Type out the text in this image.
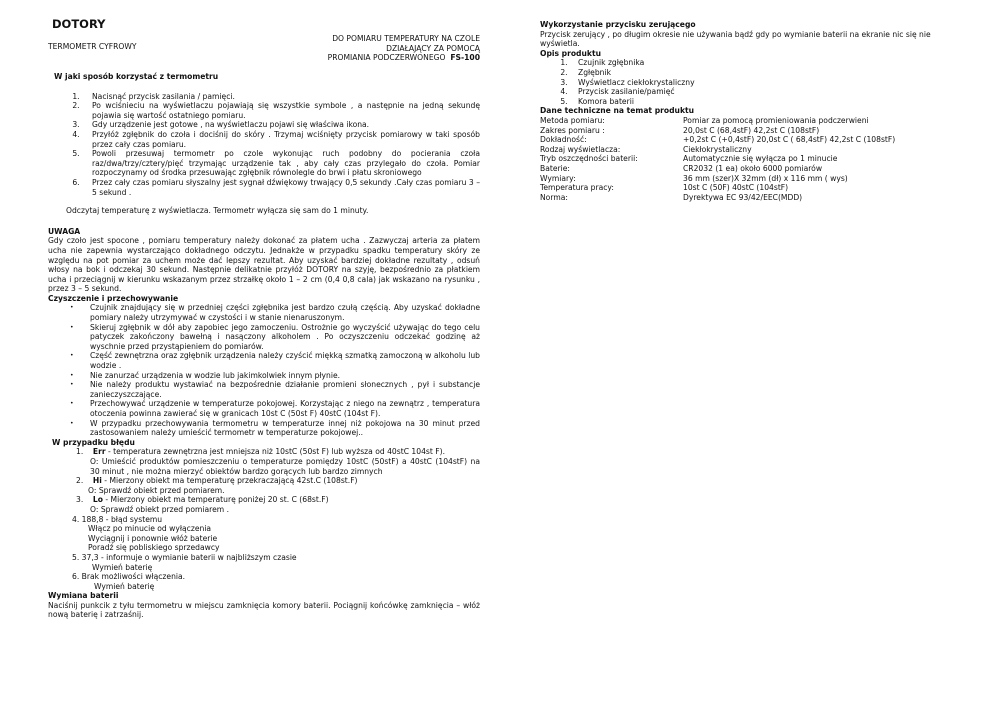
DOTORY
TERMOMETR CYFROWY
DO POMIARU TEMPERATURY NA CZOLE
DZIAŁAJĄCY ZA POMOCĄ
PROMIANIA PODCZERWONEGO FS-100
W jaki sposób korzystać z termometru
1. Nacisnąć przycisk zasilania / pamięci.
2. Po wciśnieciu na wyświetlaczu pojawiają się wszystkie symbole , a następnie na jedną sekundę pojawia się wartość ostatniego pomiaru.
3. Gdy urządzenie jest gotowe , na wyświetlaczu pojawi się właściwa ikona.
4. Przyłóż zgłębnik do czoła i dociśnij do skóry . Trzymaj wciśnięty przycisk pomiarowy w taki sposób przez cały czas pomiaru.
5. Powoli przesuwaj termometr po czole wykonując ruch podobny do pocierania czoła raz/dwa/trzy/cztery/pięć trzymając urządzenie tak , aby cały czas przylegało do czoła. Pomiar rozpoczynamy od środka przesuwając zgłębnik równolegle do brwi i płatu skroniowego
6. Przez cały czas pomiaru słyszalny jest sygnał dźwiękowy trwający 0,5 sekundy .Cały czas pomiaru 3 – 5 sekund .
Odczytaj temperaturę z wyświetlacza. Termometr wyłącza się sam do 1 minuty.
UWAGA
Gdy czoło jest spocone , pomiaru temperatury należy dokonać za płatem ucha . Zazwyczaj arteria za płatem ucha nie zapewnia wystarczająco dokładnego odczytu. Jednakże w przypadku spadku temperatury skóry ze względu na pot pomiar za uchem może dać lepszy rezultat. Aby uzyskać bardziej dokładne rezultaty , odsuń włosy na bok i odczekaj 30 sekund. Następnie delikatnie przyłóż DOTORY na szyję, bezpośrednio za płatkiem ucha i przeciągnij w kierunku wskazanym przez strzałkę około 1 – 2 cm (0,4 0,8 cala) jak wskazano na rysunku , przez 3 – 5 sekund.
Czyszczenie i przechowywanie
• Czujnik znajdujący się w przedniej części zgłębnika jest bardzo czułą częścią. Aby uzyskać dokładne pomiary należy utrzymywać w czystości i w stanie nienaruszonym.
• Skieruj zgłębnik w dół aby zapobiec jego zamoczeniu. Ostrożnie go wyczyścić używając do tego celu patyczek zakończony bawełną i nasączony alkoholem . Po oczyszczeniu odczekać godzinę aż wyschnie przed przystąpieniem do pomiarów.
• Część zewnętrzna oraz zgłębnik urządzenia należy czyścić miękką szmatką zamoczoną w alkoholu lub wodzie .
• Nie zanurzać urządzenia w wodzie lub jakimkolwiek innym płynie.
• Nie należy produktu wystawiać na bezpośrednie działanie promieni słonecznych , pył i substancje zanieczyszczające.
• Przechowywać urządzenie w temperaturze pokojowej. Korzystając z niego na zewnątrz , temperatura otoczenia powinna zawierać się w granicach 10st C (50st F) 40stC (104st F).
• W przypadku przechowywania termometru w temperaturze innej niż pokojowa na 30 minut przed zastosowaniem należy umieścić termometr w temperaturze pokojowej..
W przypadku błędu
1. Err - temperatura zewnętrzna jest mniejsza niż 10stC (50st F) lub wyższa od 40stC 104st F).
O: Umieścić produktów pomieszczeniu o temperaturze pomiędzy 10stC (50stF) a 40stC (104stF) na 30 minut , nie można mierzyć obiektów bardzo gorących lub bardzo zimnych
2. Hi - Mierzony obiekt ma temperaturę przekraczającą 42st.C (108st.F)
O: Sprawdź obiekt przed pomiarem.
3. Lo - Mierzony obiekt ma temperaturę poniżej 20 st. C (68st.F)
O: Sprawdź obiekt przed pomiarem .
4. 188,8 - błąd systemu
Włącz po minucie od wyłączenia
Wyciągnij i ponownie włóż baterie
Poradź się pobliskiego sprzedawcy
5. 37,3 - informuje o wymianie baterii w najbliższym czasie
Wymień baterię
6. Brak możliwości włączenia.
Wymień baterię
Wymiana baterii
Naciśnij punkcik z tyłu termometru w miejscu zamknięcia komory baterii. Pociągnij końcówkę zamknięcia – włóż nową baterię i zatrzaśnij.
Wykorzystanie przycisku zerującego
Przycisk zerujący , po długim okresie nie używania bądź gdy po wymianie baterii na ekranie nic się nie wyświetla.
Opis produktu
1. Czujnik zgłębnika
2. Zgłębnik
3. Wyświetlacz ciekłokrystaliczny
4. Przycisk zasilanie/pamięć
5. Komora baterii
Dane techniczne na temat produktu
Metoda pomiaru:	Pomiar za pomocą promieniowania podczerwieni
Zakres pomiaru :	20,0st C (68,4stF) 42,2st C (108stF)
Dokładność:	+0,2st C (+0,4stF) 20,0st C ( 68,4stF) 42,2st C (108stF)
Rodzaj wyświetlacza:	Ciekłokrystaliczny
Tryb oszczędności baterii:	Automatycznie się wyłącza po 1 minucie
Baterie:	CR2032 (1 ea) około 6000 pomiarów
Wymiary:	36 mm (szer)X 32mm (dł) x 116 mm ( wys)
Temperatura pracy:	10st C (50F) 40stC (104stF)
Norma:	Dyrektywa EC 93/42/EEC(MDD)
